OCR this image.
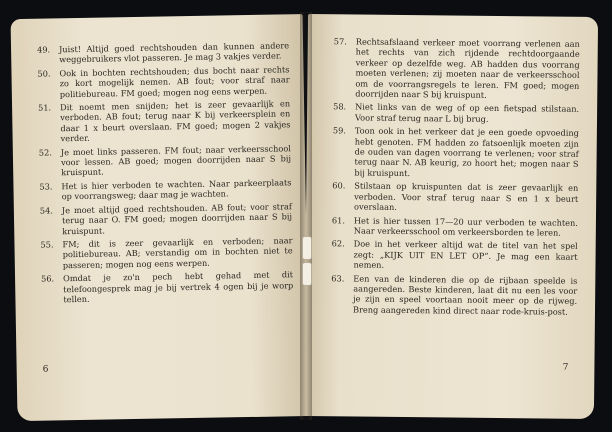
49.	Juist! Altijd goed rechtshouden dan kunnen andere weggebruikers vlot passeren. Je mag 3 vakjes verder.
50.	Ook in bochten rechtshouden; dus bocht naar rechts zo kort mogelijk nemen. AB fout; voor straf naar politiebureau. FM goed; mogen nog eens werpen.
51.	Dit noemt men snijden; het is zeer gevaarlijk en verboden. AB fout; terug naar K bij verkeersplein en daar 1 x beurt overslaan. FM goed; mogen 2 vakjes verder.
52.	Je moet links passeren. FM fout; naar verkeersschool voor lessen. AB goed; mogen doorrijden naar S bij kruispunt.
53.	Het is hier verboden te wachten. Naar parkeerplaats op voorrangsweg; daar mag je wachten.
54.	Je moet altijd goed rechtshouden. AB fout; voor straf terug naar O. FM goed; mogen doorrijden naar S bij kruispunt.
55.	FM; dit is zeer gevaarlijk en verboden; naar politiebureau. AB; verstandig om in bochten niet te passeren; mogen nog eens werpen.
56.	Omdat je zo'n pech hebt gehad met dit telefoongesprek mag je bij vertrek 4 ogen bij je worp tellen.
6
57.	Rechtsafslaand verkeer moet voorrang verlenen aan het rechts van zich rijdende rechtdoorgaande verkeer op dezelfde weg. AB hadden dus voorrang moeten verlenen; zij moeten naar de verkeersschool om de voorrangsregels te leren. FM goed; mogen doorrijden naar S bij kruispunt.
58.	Niet links van de weg of op een fietspad stilstaan. Voor straf terug naar L bij brug.
59.	Toon ook in het verkeer dat je een goede opvoeding hebt genoten. FM hadden zo fatsoenlijk moeten zijn de ouden van dagen voorrang te verlenen; voor straf terug naar N. AB keurig, zo hoort het; mogen naar S bij kruispunt.
60.	Stilstaan op kruispunten dat is zeer gevaarlijk en verboden. Voor straf terug naar S en 1 x beurt overslaan.
61.	Het is hier tussen 17—20 uur verboden te wachten. Naar verkeersschool om verkeersborden te leren.
62.	Doe in het verkeer altijd wat de titel van het spel zegt: „KIJK UIT EN LET OP”. Je mag een kaart nemen.
63.	Een van de kinderen die op de rijbaan speelde is aangereden. Beste kinderen, laat dit nu een les voor je zijn en speel voortaan nooit meer op de rijweg. Breng aangereden kind direct naar rode-kruis-post.
7
